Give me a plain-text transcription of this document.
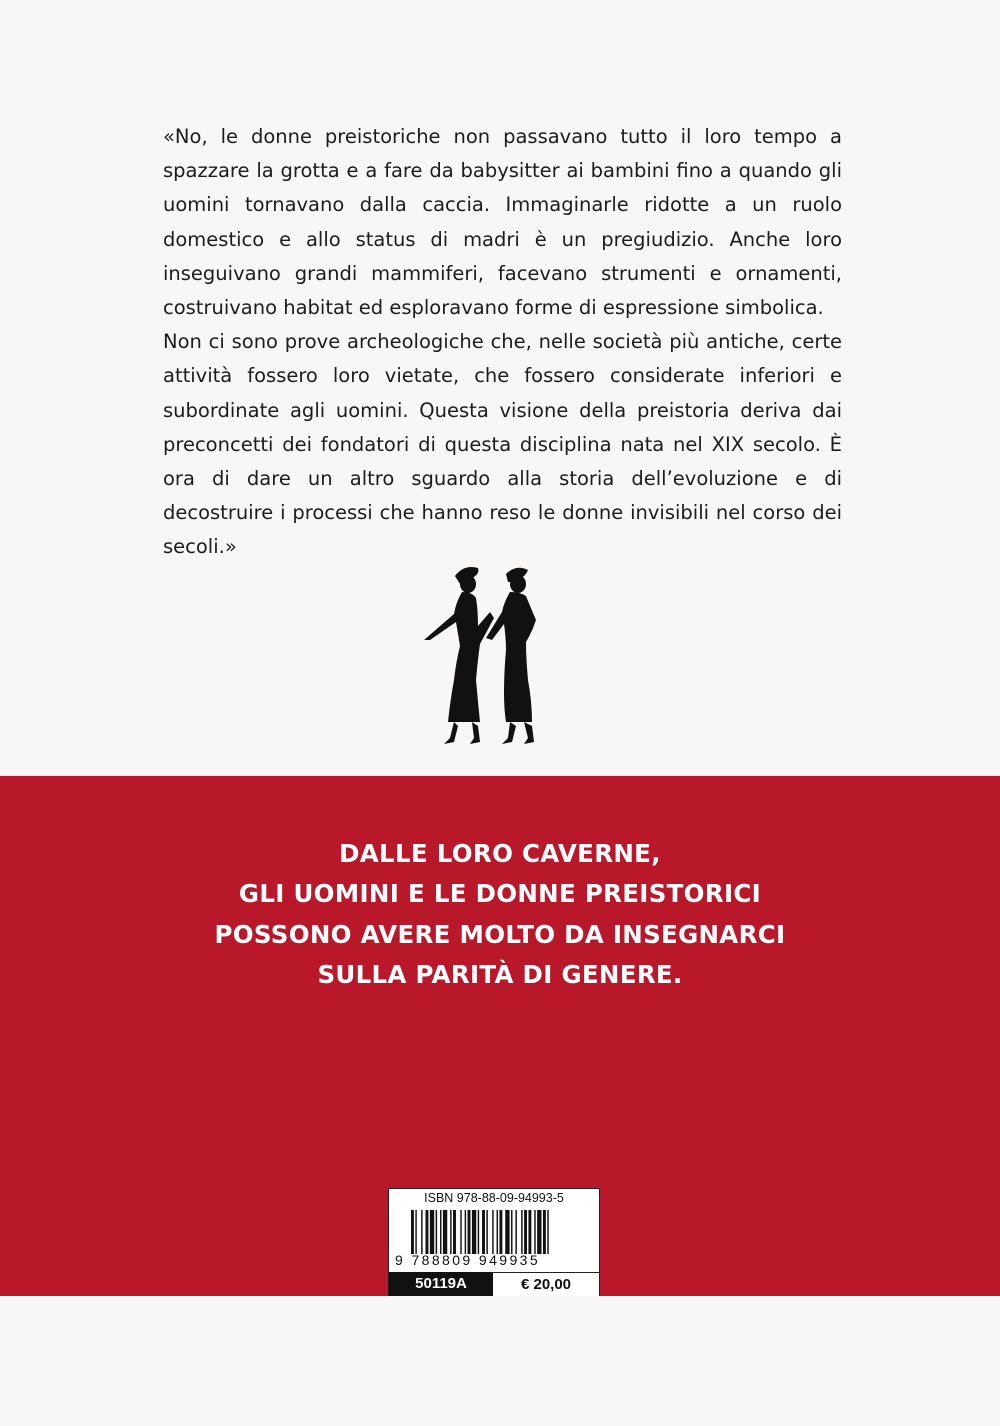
«No, le donne preistoriche non passavano tutto il loro tempo a spazzare la grotta e a fare da babysitter ai bambini fino a quando gli uomini tornavano dalla caccia. Immaginarle ridotte a un ruolo domestico e allo status di madri è un pregiudizio. Anche loro inseguivano grandi mammiferi, facevano strumenti e ornamenti, costruivano habitat ed esploravano forme di espressione simbolica.

Non ci sono prove archeologiche che, nelle società più antiche, certe attività fossero loro vietate, che fossero considerate inferiori e subordinate agli uomini. Questa visione della preistoria deriva dai preconcetti dei fondatori di questa disciplina nata nel XIX secolo. È ora di dare un altro sguardo alla storia dell’evoluzione e di decostruire i processi che hanno reso le donne invisibili nel corso dei secoli.»

DALLE LORO CAVERNE,
GLI UOMINI E LE DONNE PREISTORICI
POSSONO AVERE MOLTO DA INSEGNARCI
SULLA PARITÀ DI GENERE.
ISBN 978-88-09-94993-5
9 788809 949935
50119A	€ 20,00
